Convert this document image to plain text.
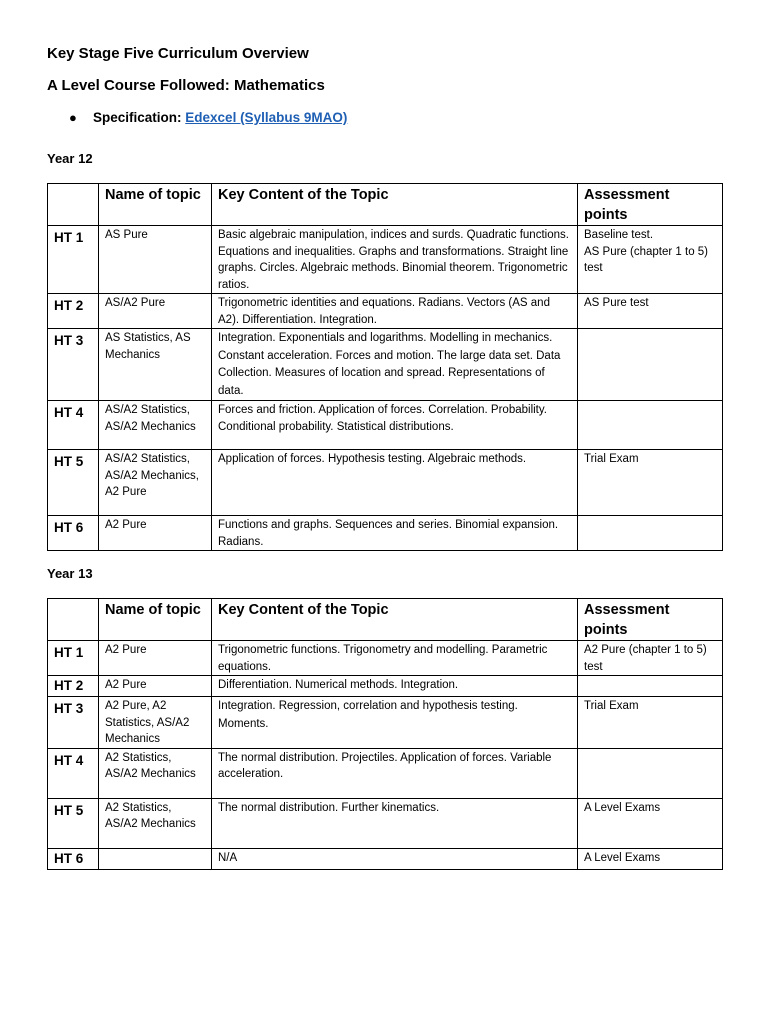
Key Stage Five Curriculum Overview
A Level Course Followed: Mathematics
● Specification: Edexcel (Syllabus 9MAO)
Year 12
	Name of topic	Key Content of the Topic	Assessment points
HT 1	AS Pure	Basic algebraic manipulation, indices and surds. Quadratic functions. Equations and inequalities. Graphs and transformations. Straight line graphs. Circles. Algebraic methods. Binomial theorem. Trigonometric ratios.	Baseline test.
AS Pure (chapter 1 to 5) test
HT 2	AS/A2 Pure	Trigonometric identities and equations. Radians. Vectors (AS and A2). Differentiation. Integration.	AS Pure test
HT 3	AS Statistics, AS Mechanics	Integration. Exponentials and logarithms. Modelling in mechanics. Constant acceleration. Forces and motion. The large data set. Data Collection. Measures of location and spread. Representations of data.	
HT 4	AS/A2 Statistics, AS/A2 Mechanics	Forces and friction. Application of forces. Correlation. Probability. Conditional probability. Statistical distributions.	
HT 5	AS/A2 Statistics, AS/A2 Mechanics, A2 Pure	Application of forces. Hypothesis testing. Algebraic methods.	Trial Exam
HT 6	A2 Pure	Functions and graphs. Sequences and series. Binomial expansion. Radians.	
Year 13
	Name of topic	Key Content of the Topic	Assessment points
HT 1	A2 Pure	Trigonometric functions. Trigonometry and modelling. Parametric equations.	A2 Pure (chapter 1 to 5) test
HT 2	A2 Pure	Differentiation. Numerical methods. Integration.	
HT 3	A2 Pure, A2 Statistics, AS/A2 Mechanics	Integration. Regression, correlation and hypothesis testing. Moments.	Trial Exam
HT 4	A2 Statistics, AS/A2 Mechanics	The normal distribution. Projectiles. Application of forces. Variable acceleration.	
HT 5	A2 Statistics, AS/A2 Mechanics	The normal distribution. Further kinematics.	A Level Exams
HT 6		N/A	A Level Exams
